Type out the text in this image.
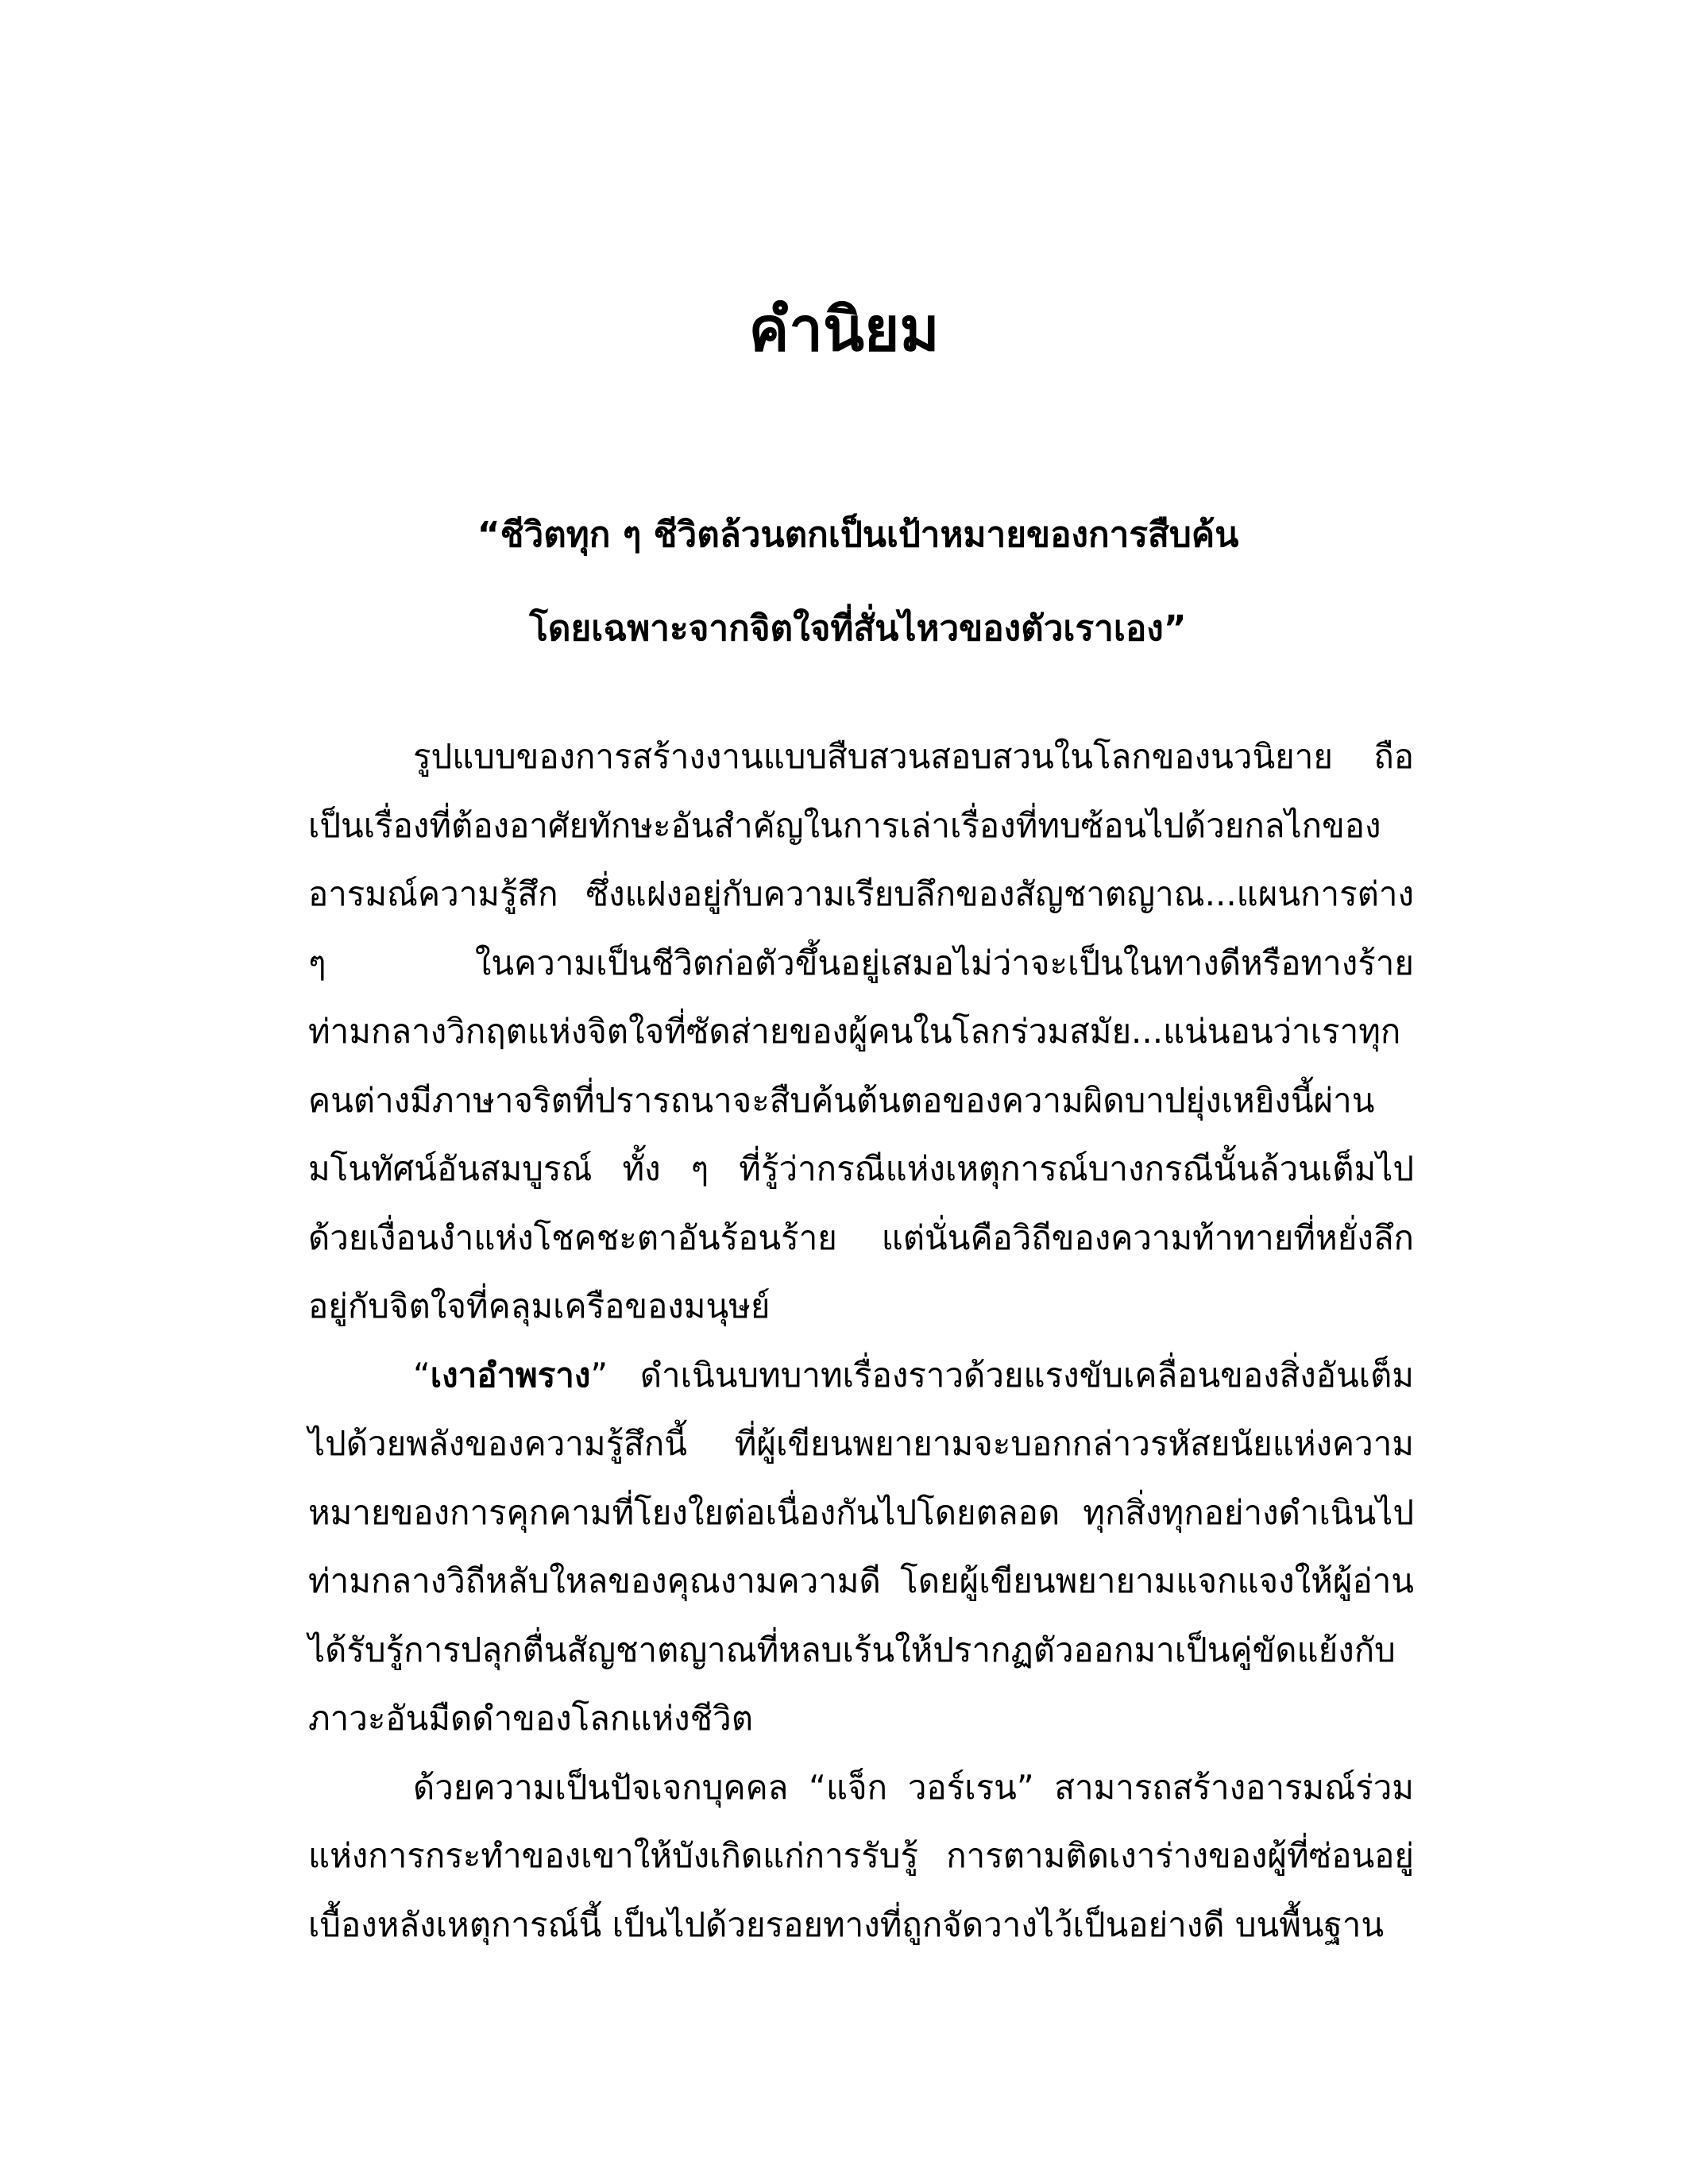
คำนิยม
“ชีวิตทุก ๆ ชีวิตล้วนตกเป็นเป้าหมายของการสืบค้น
โดยเฉพาะจากจิตใจที่สั่นไหวของตัวเราเอง”

รูปแบบของการสร้างงานแบบสืบสวนสอบสวนในโลกของนวนิยาย ถือเป็นเรื่องที่ต้องอาศัยทักษะอันสำคัญในการเล่าเรื่องที่ทบซ้อนไปด้วยกลไกของอารมณ์ความรู้สึก ซึ่งแฝงอยู่กับความเรียบลึกของสัญชาตญาณ...แผนการต่าง ๆ ในความเป็นชีวิตก่อตัวขึ้นอยู่เสมอไม่ว่าจะเป็นในทางดีหรือทางร้ายท่ามกลางวิกฤตแห่งจิตใจที่ซัดส่ายของผู้คนในโลกร่วมสมัย...แน่นอนว่าเราทุกคนต่างมีภาษาจริตที่ปรารถนาจะสืบค้นต้นตอของความผิดบาปยุ่งเหยิงนี้ผ่านมโนทัศน์อันสมบูรณ์ ทั้ง ๆ ที่รู้ว่ากรณีแห่งเหตุการณ์บางกรณีนั้นล้วนเต็มไปด้วยเงื่อนงำแห่งโชคชะตาอันร้อนร้าย แต่นั่นคือวิถีของความท้าทายที่หยั่งลึกอยู่กับจิตใจที่คลุมเครือของมนุษย์

“เงาอำพราง” ดำเนินบทบาทเรื่องราวด้วยแรงขับเคลื่อนของสิ่งอันเต็มไปด้วยพลังของความรู้สึกนี้ ที่ผู้เขียนพยายามจะบอกกล่าวรหัสยนัยแห่งความหมายของการคุกคามที่โยงใยต่อเนื่องกันไปโดยตลอด ทุกสิ่งทุกอย่างดำเนินไปท่ามกลางวิถีหลับใหลของคุณงามความดี โดยผู้เขียนพยายามแจกแจงให้ผู้อ่านได้รับรู้การปลุกตื่นสัญชาตญาณที่หลบเร้นให้ปรากฏตัวออกมาเป็นคู่ขัดแย้งกับภาวะอันมืดดำของโลกแห่งชีวิต

ด้วยความเป็นปัจเจกบุคคล “แจ็ก วอร์เรน” สามารถสร้างอารมณ์ร่วมแห่งการกระทำของเขาให้บังเกิดแก่การรับรู้ การตามติดเงาร่างของผู้ที่ซ่อนอยู่เบื้องหลังเหตุการณ์นี้ เป็นไปด้วยรอยทางที่ถูกจัดวางไว้เป็นอย่างดี บนพื้นฐาน
